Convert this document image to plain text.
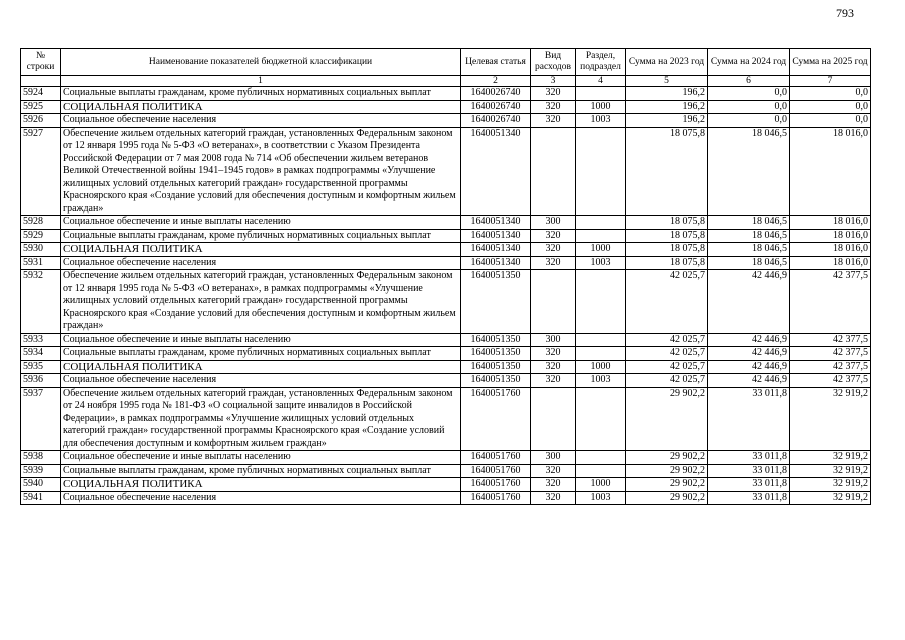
793
№ строки	Наименование показателей бюджетной классификации	Целевая статья	Вид расходов	Раздел, подраздел	Сумма на 2023 год	Сумма на 2024 год	Сумма на 2025 год
	1	2	3	4	5	6	7
5924	Социальные выплаты гражданам, кроме публичных нормативных социальных выплат	1640026740	320		196,2	0,0	0,0
5925	СОЦИАЛЬНАЯ ПОЛИТИКА	1640026740	320	1000	196,2	0,0	0,0
5926	Социальное обеспечение населения	1640026740	320	1003	196,2	0,0	0,0
5927	Обеспечение жильем отдельных категорий граждан, установленных Федеральным законом от 12 января 1995 года № 5-ФЗ «О ветеранах», в соответствии с Указом Президента Российской Федерации от 7 мая 2008 года № 714 «Об обеспечении жильем ветеранов Великой Отечественной войны 1941–1945 годов» в рамках подпрограммы «Улучшение жилищных условий отдельных категорий граждан» государственной программы Красноярского края «Создание условий для обеспечения доступным и комфортным жильем граждан»	1640051340			18 075,8	18 046,5	18 016,0
5928	Социальное обеспечение и иные выплаты населению	1640051340	300		18 075,8	18 046,5	18 016,0
5929	Социальные выплаты гражданам, кроме публичных нормативных социальных выплат	1640051340	320		18 075,8	18 046,5	18 016,0
5930	СОЦИАЛЬНАЯ ПОЛИТИКА	1640051340	320	1000	18 075,8	18 046,5	18 016,0
5931	Социальное обеспечение населения	1640051340	320	1003	18 075,8	18 046,5	18 016,0
5932	Обеспечение жильем отдельных категорий граждан, установленных Федеральным законом от 12 января 1995 года № 5-ФЗ «О ветеранах», в рамках подпрограммы «Улучшение жилищных условий отдельных категорий граждан» государственной программы Красноярского края «Создание условий для обеспечения доступным и комфортным жильем граждан»	1640051350			42 025,7	42 446,9	42 377,5
5933	Социальное обеспечение и иные выплаты населению	1640051350	300		42 025,7	42 446,9	42 377,5
5934	Социальные выплаты гражданам, кроме публичных нормативных социальных выплат	1640051350	320		42 025,7	42 446,9	42 377,5
5935	СОЦИАЛЬНАЯ ПОЛИТИКА	1640051350	320	1000	42 025,7	42 446,9	42 377,5
5936	Социальное обеспечение населения	1640051350	320	1003	42 025,7	42 446,9	42 377,5
5937	Обеспечение жильем отдельных категорий граждан, установленных Федеральным законом от 24 ноября 1995 года № 181-ФЗ «О социальной защите инвалидов в Российской Федерации», в рамках подпрограммы «Улучшение жилищных условий отдельных категорий граждан» государственной программы Красноярского края «Создание условий для обеспечения доступным и комфортным жильем граждан»	1640051760			29 902,2	33 011,8	32 919,2
5938	Социальное обеспечение и иные выплаты населению	1640051760	300		29 902,2	33 011,8	32 919,2
5939	Социальные выплаты гражданам, кроме публичных нормативных социальных выплат	1640051760	320		29 902,2	33 011,8	32 919,2
5940	СОЦИАЛЬНАЯ ПОЛИТИКА	1640051760	320	1000	29 902,2	33 011,8	32 919,2
5941	Социальное обеспечение населения	1640051760	320	1003	29 902,2	33 011,8	32 919,2
